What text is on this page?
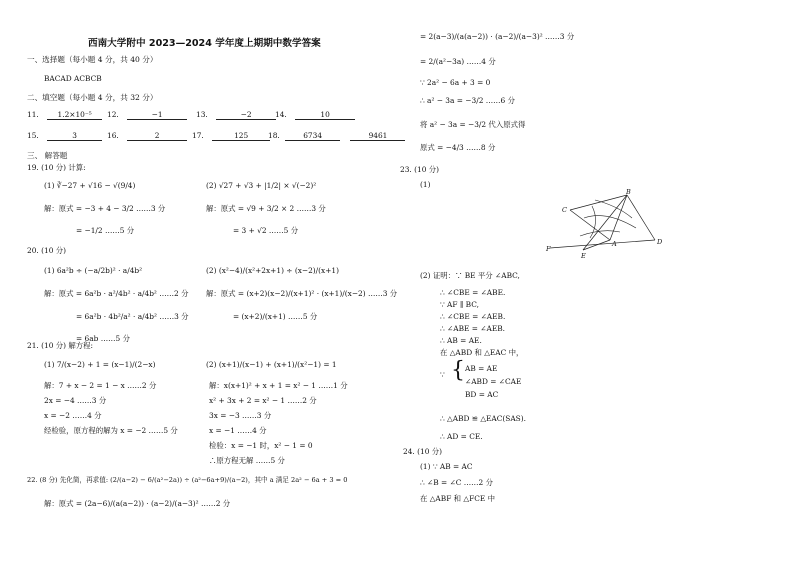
西南大学附中 2023—2024 学年度上期期中数学答案
一、选择题（每小题 4 分，共 40 分）
BACAD ACBCB
二、填空题（每小题 4 分，共 32 分）
11.	1.2×10⁻⁵	12.	−1	13.	−2	14.	10
15.	3	16.	2	17.	125	18.	6734	9461
三、 解答题
19. (10 分) 计算:
(1) ∛−27 + √16 − √(9/4)	(2) √27 + √3 + |1/2| × √(−2)²
解：原式 = −3 + 4 − 3/2 ……3 分
= −1/2 ……5 分
解：原式 = √9 + 3/2 × 2 ……3 分
= 3 + √2 ……5 分
20. (10 分)
(1) 6a²b ÷ (−a/2b)² · a/4b²	(2) (x²−4)/(x²+2x+1) ÷ (x−2)/(x+1)
解：原式 = 6a²b · a²/4b² · a/4b² ……2 分
= 6a²b · 4b²/a² · a/4b² ……3 分
= 6ab ……5 分
解：原式 = (x+2)(x−2)/(x+1)² · (x+1)/(x−2) ……3 分
= (x+2)/(x+1) ……5 分
21. (10 分) 解方程:
(1) 7/(x−2) + 1 = (x−1)/(2−x)	(2) (x+1)/(x−1) + (x+1)/(x²−1) = 1
解：7 + x − 2 = 1 − x ……2 分
2x = −4 ……3 分
x = −2 ……4 分
经检验，原方程的解为 x = −2 ……5 分
解：x(x+1)² + x + 1 = x² − 1 ……1 分
x² + 3x + 2 = x² − 1 ……2 分
3x = −3 ……3 分
x = −1 ……4 分
检验：x = −1 时，x² − 1 = 0
∴原方程无解 ……5 分
22. (8 分) 先化简，再求值: (2/(a−2) − 6/(a²−2a)) ÷ (a²−6a+9)/(a−2)，其中 a 满足 2a² − 6a + 3 = 0
解：原式 = (2a−6)/(a(a−2)) · (a−2)/(a−3)² ……2 分
= 2(a−3)/(a(a−2)) · (a−2)/(a−3)² ……3 分
= 2/(a²−3a) ……4 分
∵ 2a² − 6a + 3 = 0
∴ a² − 3a = −3/2 ……6 分
将 a² − 3a = −3/2 代入原式得
原式 = −4/3 ……8 分
23. (10 分)
(1)
B
C
A	D
E
F
(2) 证明：∵ BE 平分 ∠ABC,
∴ ∠CBE = ∠ABE.
∵ AF ∥ BC,
∴ ∠CBE = ∠AEB.
∴ ∠ABE = ∠AEB.
∴ AB = AE.
在 △ABD 和 △EAC 中，
∵ { AB = AE
∠ABD = ∠CAE
BD = AC
∴ △ABD ≌ △EAC(SAS).
∴ AD = CE.
24. (10 分)
(1) ∵ AB = AC
∴ ∠B = ∠C ……2 分
在 △ABF 和 △FCE 中
